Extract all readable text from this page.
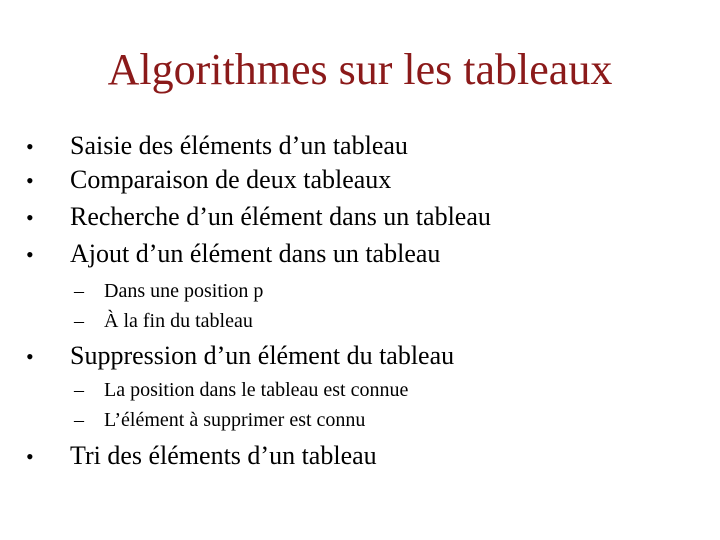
Algorithmes sur les tableaux
• Saisie des éléments d’un tableau
• Comparaison de deux tableaux
• Recherche d’un élément dans un tableau
• Ajout d’un élément dans un tableau
– Dans une position p
– À la fin du tableau
• Suppression d’un élément du tableau
– La position dans le tableau est connue
– L’élément à supprimer est connu
• Tri des éléments d’un tableau
